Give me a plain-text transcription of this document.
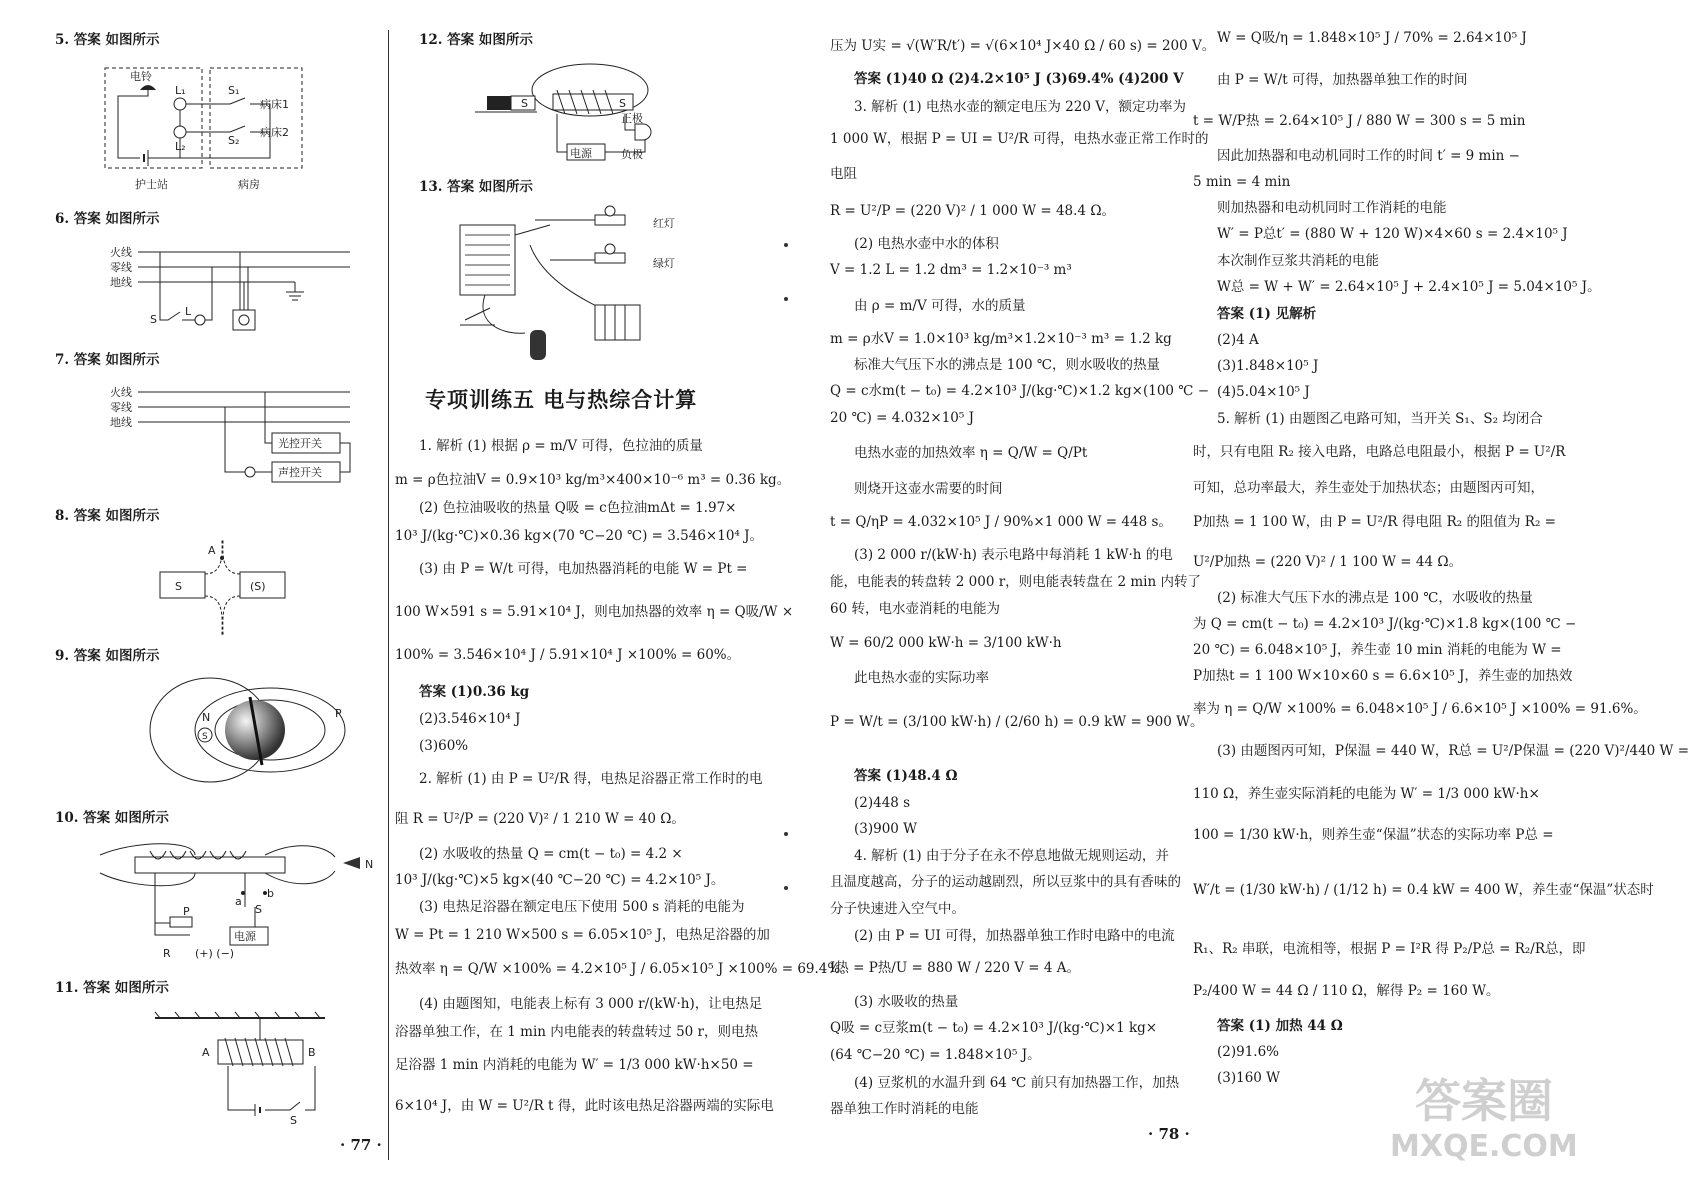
5. 答案 如图所示
电铃
L₁
L₂
S₁
S₂
病床1
病床2
护士站	病房
6. 答案 如图所示
火线
零线
地线
S
L
7. 答案 如图所示
火线
零线
地线
光控开关
声控开关
8. 答案 如图所示
A
S	(S)
9. 答案 如图所示
N
S
P
10. 答案 如图所示
N
电源
a
b
S
P
R (+) (−)
11. 答案 如图所示
A	B
S
· 77 ·
12. 答案 如图所示
S	S
电源
正极
负极
13. 答案 如图所示
红灯
绿灯
专项训练五 电与热综合计算
1. 解析 (1) 根据 ρ = m/V 可得，色拉油的质量
m = ρ色拉油V = 0.9×10³ kg/m³×400×10⁻⁶ m³ = 0.36 kg。
(2) 色拉油吸收的热量 Q吸 = c色拉油mΔt = 1.97×
10³ J/(kg·℃)×0.36 kg×(70 ℃−20 ℃) = 3.546×10⁴ J。
(3) 由 P = W/t 可得，电加热器消耗的电能 W = Pt =
100 W×591 s = 5.91×10⁴ J，则电加热器的效率 η = Q吸/W ×
100% = 3.546×10⁴ J / 5.91×10⁴ J ×100% = 60%。
答案 (1)0.36 kg
(2)3.546×10⁴ J
(3)60%
2. 解析 (1) 由 P = U²/R 得，电热足浴器正常工作时的电
阻 R = U²/P = (220 V)² / 1 210 W = 40 Ω。
(2) 水吸收的热量 Q = cm(t − t₀) = 4.2 ×
10³ J/(kg·℃)×5 kg×(40 ℃−20 ℃) = 4.2×10⁵ J。
(3) 电热足浴器在额定电压下使用 500 s 消耗的电能为
W = Pt = 1 210 W×500 s = 6.05×10⁵ J，电热足浴器的加
热效率 η = Q/W ×100% = 4.2×10⁵ J / 6.05×10⁵ J ×100% = 69.4%。
(4) 由题图知，电能表上标有 3 000 r/(kW·h)，让电热足
浴器单独工作，在 1 min 内电能表的转盘转过 50 r，则电热
足浴器 1 min 内消耗的电能为 W′ = 1/3 000 kW·h×50 =
6×10⁴ J，由 W = U²/R t 得，此时该电热足浴器两端的实际电
压为 U实 = √(W′R/t′) = √(6×10⁴ J×40 Ω / 60 s) = 200 V。
答案 (1)40 Ω (2)4.2×10⁵ J (3)69.4% (4)200 V
3. 解析 (1) 电热水壶的额定电压为 220 V，额定功率为
1 000 W，根据 P = UI = U²/R 可得，电热水壶正常工作时的
电阻
R = U²/P = (220 V)² / 1 000 W = 48.4 Ω。
(2) 电热水壶中水的体积
V = 1.2 L = 1.2 dm³ = 1.2×10⁻³ m³
由 ρ = m/V 可得，水的质量
m = ρ水V = 1.0×10³ kg/m³×1.2×10⁻³ m³ = 1.2 kg
标准大气压下水的沸点是 100 ℃，则水吸收的热量
Q = c水m(t − t₀) = 4.2×10³ J/(kg·℃)×1.2 kg×(100 ℃ −
20 ℃) = 4.032×10⁵ J
电热水壶的加热效率 η = Q/W = Q/Pt
则烧开这壶水需要的时间
t = Q/ηP = 4.032×10⁵ J / 90%×1 000 W = 448 s。
(3) 2 000 r/(kW·h) 表示电路中每消耗 1 kW·h 的电
能，电能表的转盘转 2 000 r，则电能表转盘在 2 min 内转了
60 转，电水壶消耗的电能为
W = 60/2 000 kW·h = 3/100 kW·h
此电热水壶的实际功率
P = W/t = (3/100 kW·h) / (2/60 h) = 0.9 kW = 900 W。
答案 (1)48.4 Ω
(2)448 s
(3)900 W
4. 解析 (1) 由于分子在永不停息地做无规则运动，并
且温度越高，分子的运动越剧烈，所以豆浆中的具有香味的
分子快速进入空气中。
(2) 由 P = UI 可得，加热器单独工作时电路中的电流
I热 = P热/U = 880 W / 220 V = 4 A。
(3) 水吸收的热量
Q吸 = c豆浆m(t − t₀) = 4.2×10³ J/(kg·℃)×1 kg×
(64 ℃−20 ℃) = 1.848×10⁵ J。
(4) 豆浆机的水温升到 64 ℃ 前只有加热器工作，加热
器单独工作时消耗的电能
W = Q吸/η = 1.848×10⁵ J / 70% = 2.64×10⁵ J
由 P = W/t 可得，加热器单独工作的时间
t = W/P热 = 2.64×10⁵ J / 880 W = 300 s = 5 min
因此加热器和电动机同时工作的时间 t′ = 9 min −
5 min = 4 min
则加热器和电动机同时工作消耗的电能
W′ = P总t′ = (880 W + 120 W)×4×60 s = 2.4×10⁵ J
本次制作豆浆共消耗的电能
W总 = W + W′ = 2.64×10⁵ J + 2.4×10⁵ J = 5.04×10⁵ J。
答案 (1) 见解析
(2)4 A
(3)1.848×10⁵ J
(4)5.04×10⁵ J
5. 解析 (1) 由题图乙电路可知，当开关 S₁、S₂ 均闭合
时，只有电阻 R₂ 接入电路，电路总电阻最小，根据 P = U²/R
可知，总功率最大，养生壶处于加热状态；由题图丙可知，
P加热 = 1 100 W，由 P = U²/R 得电阻 R₂ 的阻值为 R₂ =
U²/P加热 = (220 V)² / 1 100 W = 44 Ω。
(2) 标准大气压下水的沸点是 100 ℃，水吸收的热量
为 Q = cm(t − t₀) = 4.2×10³ J/(kg·℃)×1.8 kg×(100 ℃ −
20 ℃) = 6.048×10⁵ J，养生壶 10 min 消耗的电能为 W =
P加热t = 1 100 W×10×60 s = 6.6×10⁵ J，养生壶的加热效
率为 η = Q/W ×100% = 6.048×10⁵ J / 6.6×10⁵ J ×100% = 91.6%。
(3) 由题图丙可知，P保温 = 440 W，R总 = U²/P保温 = (220 V)²/440 W =
110 Ω，养生壶实际消耗的电能为 W′ = 1/3 000 kW·h×
100 = 1/30 kW·h，则养生壶“保温”状态的实际功率 P总 =
W′/t = (1/30 kW·h) / (1/12 h) = 0.4 kW = 400 W，养生壶“保温”状态时
R₁、R₂ 串联，电流相等，根据 P = I²R 得 P₂/P总 = R₂/R总，即
P₂/400 W = 44 Ω / 110 Ω，解得 P₂ = 160 W。
答案 (1) 加热 44 Ω
(2)91.6%
(3)160 W
· 78 ·
答案圈
MXQE.COM
